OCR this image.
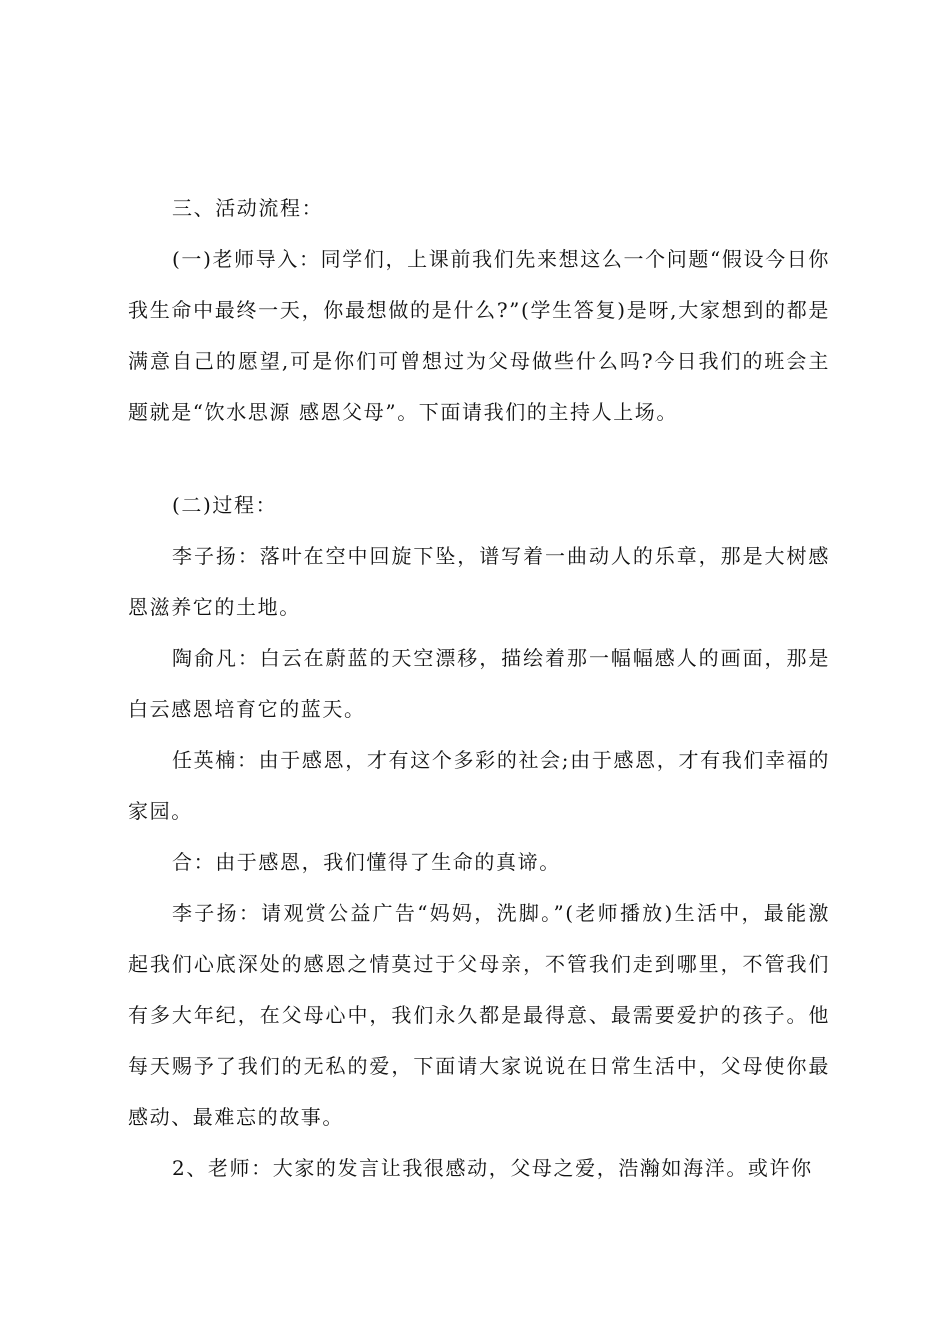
三、活动流程：

(一)老师导入：同学们，上课前我们先来想这么一个问题“假设今日你我生命中最终一天，你最想做的是什么?”(学生答复)是呀,大家想到的都是满意自己的愿望,可是你们可曾想过为父母做些什么吗?今日我们的班会主题就是“饮水思源 感恩父母”。下面请我们的主持人上场。

(二)过程：

李子扬：落叶在空中回旋下坠，谱写着一曲动人的乐章，那是大树感恩滋养它的土地。

陶俞凡：白云在蔚蓝的天空漂移，描绘着那一幅幅感人的画面，那是白云感恩培育它的蓝天。

任英楠：由于感恩，才有这个多彩的社会;由于感恩，才有我们幸福的家园。

合：由于感恩，我们懂得了生命的真谛。

李子扬：请观赏公益广告“妈妈，洗脚。”(老师播放)生活中，最能激起我们心底深处的感恩之情莫过于父母亲，不管我们走到哪里，不管我们有多大年纪，在父母心中，我们永久都是最得意、最需要爱护的孩子。他每天赐予了我们的无私的爱，下面请大家说说在日常生活中，父母使你最感动、最难忘的故事。

2、老师：大家的发言让我很感动，父母之爱，浩瀚如海洋。或许你
